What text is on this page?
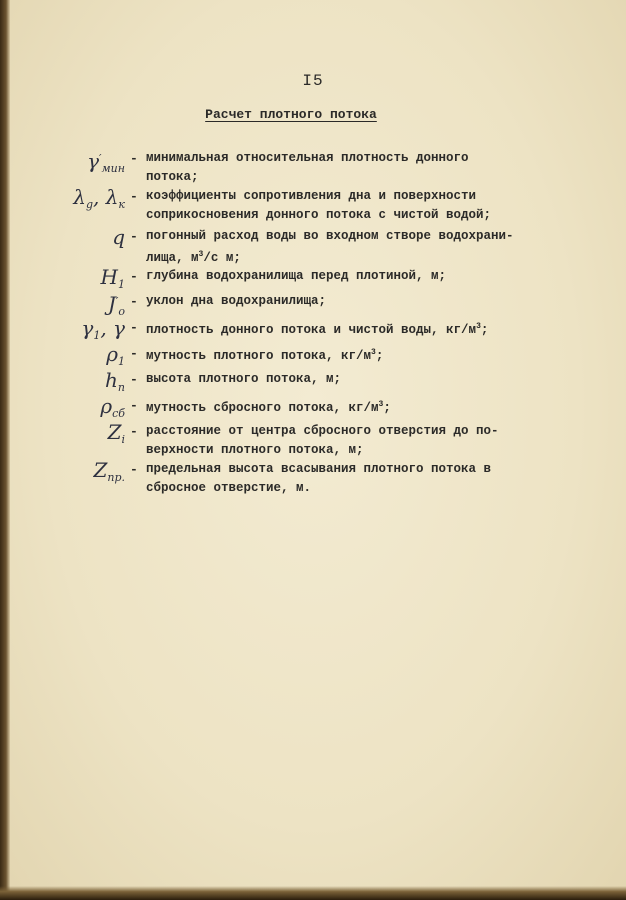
I5
Расчет плотного потока
$\gamma'_{мин}$
- минимальная относительная плотность донного
потока;
$\lambda_g$, $\lambda_к$
- коэффициенты сопротивления дна и поверхности
соприкосновения донного потока с чистой водой;
q - погонный расход воды во входном створе водохрани-
лища, $м^3/с$ м;
$H_1$
- глубина водохранилища перед плотиной, м;
$J'_o$
- уклон дна водохранилища;
$\gamma_1$, γ - плотность донного потока и чистой воды, $кг/м^3$;
$\rho_1$
- мутность плотного потока, $кг/м^3$;
$h_п$
- высота плотного потока, м;
$\rho_{сб}$
- мутность сбросного потока, $кг/м^3$;
$Z_i$
- расстояние от центра сбросного отверстия до по-
верхности плотного потока, м;
$Z_{пр.}$
- предельная высота всасывания плотного потока в
сбросное отверстие, м.
